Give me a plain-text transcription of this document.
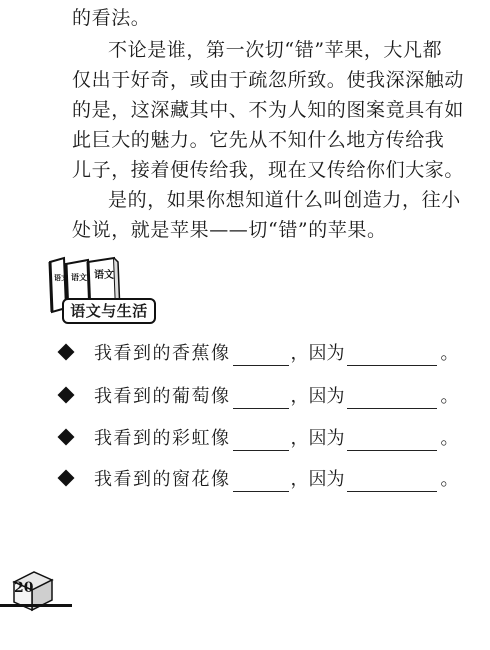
的看法。
不论是谁，第一次切“错”苹果，大凡都
仅出于好奇，或由于疏忽所致。使我深深触动
的是，这深藏其中、不为人知的图案竟具有如
此巨大的魅力。它先从不知什么地方传给我
儿子，接着便传给我，现在又传给你们大家。
是的，如果你想知道什么叫创造力，往小
处说，就是苹果——切“错”的苹果。
语文 语文 语文
语文与生活
我看到的香蕉像	，因为	。
我看到的葡萄像	，因为	。
我看到的彩虹像	，因为	。
我看到的窗花像	，因为	。
20
